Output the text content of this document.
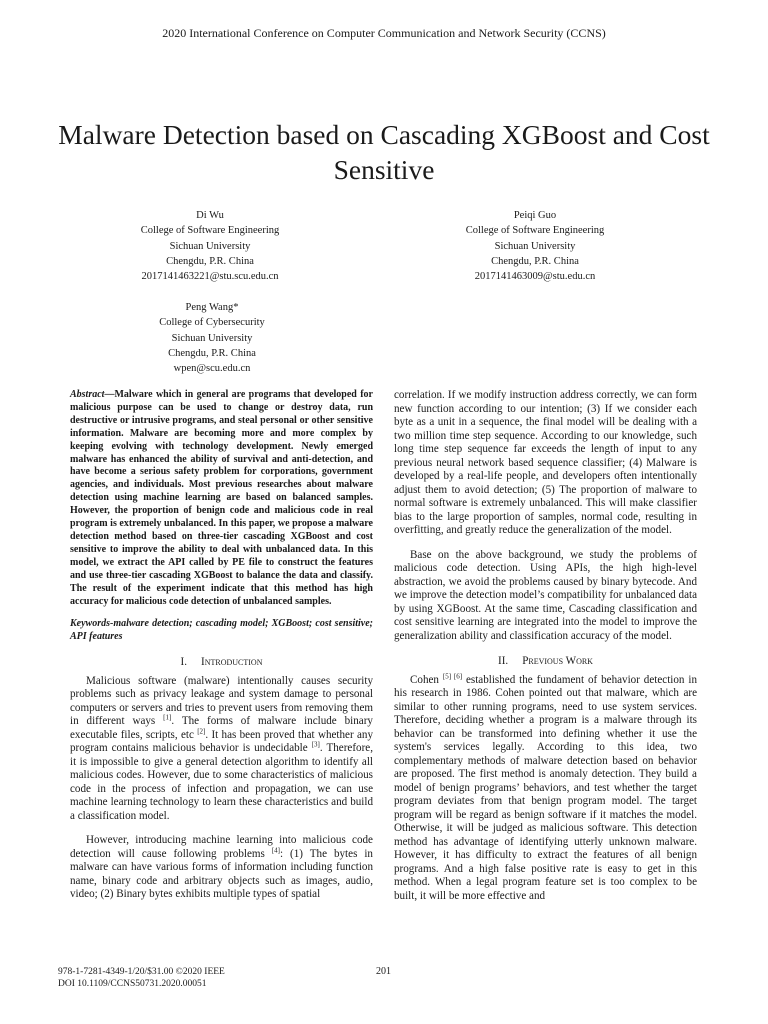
2020 International Conference on Computer Communication and Network Security (CCNS)
Malware Detection based on Cascading XGBoost and Cost Sensitive
Di Wu
College of Software Engineering
Sichuan University
Chengdu, P.R. China
2017141463221@stu.scu.edu.cn
Peiqi Guo
College of Software Engineering
Sichuan University
Chengdu, P.R. China
2017141463009@stu.edu.cn
Peng Wang*
College of Cybersecurity
Sichuan University
Chengdu, P.R. China
wpen@scu.edu.cn

Abstract—Malware which in general are programs that developed for malicious purpose can be used to change or destroy data, run destructive or intrusive programs, and steal personal or other sensitive information. Malware are becoming more and more complex by keeping evolving with technology development. Newly emerged malware has enhanced the ability of survival and anti-detection, and have become a serious safety problem for corporations, government agencies, and individuals. Most previous researches about malware detection using machine learning are based on balanced samples. However, the proportion of benign code and malicious code in real program is extremely unbalanced. In this paper, we propose a malware detection method based on three-tier cascading XGBoost and cost sensitive to improve the ability to deal with unbalanced data. In this model, we extract the API called by PE file to construct the features and use three-tier cascading XGBoost to balance the data and classify. The result of the experiment indicate that this method has high accuracy for malicious code detection of unbalanced samples.

Keywords-malware detection; cascading model; XGBoost; cost sensitive; API features

I. Introduction

Malicious software (malware) intentionally causes security problems such as privacy leakage and system damage to personal computers or servers and tries to prevent users from removing them in different ways [1]. The forms of malware include binary executable files, scripts, etc [2]. It has been proved that whether any program contains malicious behavior is undecidable [3]. Therefore, it is impossible to give a general detection algorithm to identify all malicious codes. However, due to some characteristics of malicious code in the process of infection and propagation, we can use machine learning technology to learn these characteristics and build a classification model.

However, introducing machine learning into malicious code detection will cause following problems [4]: (1) The bytes in malware can have various forms of information including function name, binary code and arbitrary objects such as images, audio, video; (2) Binary bytes exhibits multiple types of spatial

correlation. If we modify instruction address correctly, we can form new function according to our intention; (3) If we consider each byte as a unit in a sequence, the final model will be dealing with a two million time step sequence. According to our knowledge, such long time step sequence far exceeds the length of input to any previous neural network based sequence classifier; (4) Malware is developed by a real-life people, and developers often intentionally adjust them to avoid detection; (5) The proportion of malware to normal software is extremely unbalanced. This will make classifier bias to the large proportion of samples, normal code, resulting in overfitting, and greatly reduce the generalization of the model.

Base on the above background, we study the problems of malicious code detection. Using APIs, the high high-level abstraction, we avoid the problems caused by binary bytecode. And we improve the detection model’s compatibility for unbalanced data by using XGBoost. At the same time, Cascading classification and cost sensitive learning are integrated into the model to improve the generalization ability and classification accuracy of the model.

II. Previous Work

Cohen [5] [6] established the fundament of behavior detection in his research in 1986. Cohen pointed out that malware, which are similar to other running programs, need to use system services. Therefore, deciding whether a program is a malware through its behavior can be transformed into defining whether it use the system's services legally. According to this idea, two complementary methods of malware detection based on behavior are proposed. The first method is anomaly detection. They build a model of benign programs’ behaviors, and test whether the target program deviates from that benign program model. The target program will be regard as benign software if it matches the model. Otherwise, it will be judged as malicious software. This detection method has advantage of identifying utterly unknown malware. However, it has difficulty to extract the features of all benign programs. And a high false positive rate is easy to get in this method. When a legal program feature set is too complex to be built, it will be more effective and

978-1-7281-4349-1/20/$31.00 ©2020 IEEE
DOI 10.1109/CCNS50731.2020.00051
201
